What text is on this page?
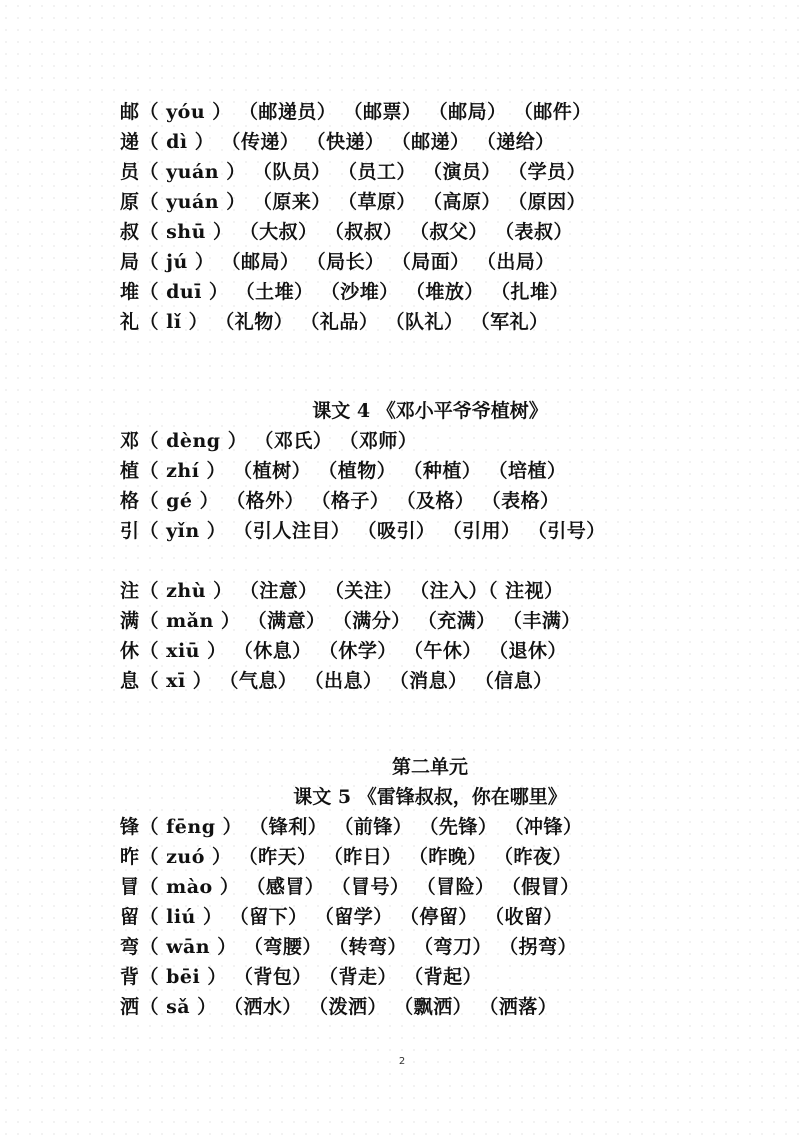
邮（ yóu ） （邮递员） （邮票） （邮局） （邮件）
递（ dì ） （传递） （快递） （邮递） （递给）
员（ yuán ） （队员） （员工） （演员） （学员）
原（ yuán ） （原来） （草原） （高原） （原因）
叔（ shū ） （大叔） （叔叔） （叔父） （表叔）
局（ jú ） （邮局） （局长） （局面） （出局）
堆（ duī ） （土堆） （沙堆） （堆放） （扎堆）
礼（ lǐ ） （礼物） （礼品） （队礼） （军礼）
课文 4 《邓小平爷爷植树》
邓（ dèng ） （邓氏） （邓师）
植（ zhí ） （植树） （植物） （种植） （培植）
格（ gé ） （格外） （格子） （及格） （表格）
引（ yǐn ） （引人注目） （吸引） （引用） （引号）
注（ zhù ） （注意） （关注） （注入）（ 注视）
满（ mǎn ） （满意） （满分） （充满） （丰满）
休（ xiū ） （休息） （休学） （午休） （退休）
息（ xī ） （气息） （出息） （消息） （信息）
第二单元
课文 5 《雷锋叔叔，你在哪里》
锋（ fēng ） （锋利） （前锋） （先锋） （冲锋）
昨（ zuó ） （昨天） （昨日） （昨晚） （昨夜）
冒（ mào ） （感冒） （冒号） （冒险） （假冒）
留（ liú ） （留下） （留学） （停留） （收留）
弯（ wān ） （弯腰） （转弯） （弯刀） （拐弯）
背（ bēi ） （背包） （背走） （背起）
洒（ sǎ ） （洒水） （泼洒） （飘洒） （洒落）
2
